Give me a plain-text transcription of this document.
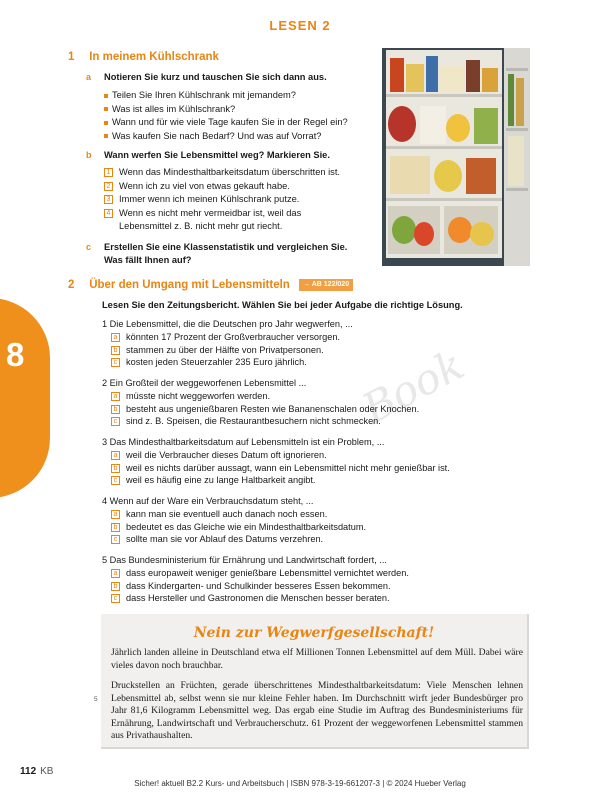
LESEN 2
8
1 In meinem Kühlschrank
a Notieren Sie kurz und tauschen Sie sich dann aus.
Teilen Sie Ihren Kühlschrank mit jemandem?
Was ist alles im Kühlschrank?
Wann und für wie viele Tage kaufen Sie in der Regel ein?
Was kaufen Sie nach Bedarf? Und was auf Vorrat?
b Wann werfen Sie Lebensmittel weg? Markieren Sie.
1 Wenn das Mindesthaltbarkeitsdatum überschritten ist.
2 Wenn ich zu viel von etwas gekauft habe.
3 Immer wenn ich meinen Kühlschrank putze.
4 Wenn es nicht mehr vermeidbar ist, weil das
Lebensmittel z. B. nicht mehr gut riecht.
c Erstellen Sie eine Klassenstatistik und vergleichen Sie.
Was fällt Ihnen auf?
2 Über den Umgang mit Lebensmitteln → AB 122/020
Lesen Sie den Zeitungsbericht. Wählen Sie bei jeder Aufgabe die richtige Lösung.
Book
1 Die Lebensmittel, die die Deutschen pro Jahr wegwerfen, ...
a könnten 17 Prozent der Großverbraucher versorgen.
b stammen zu über der Hälfte von Privatpersonen.
c kosten jeden Steuerzahler 235 Euro jährlich.
2 Ein Großteil der weggeworfenen Lebensmittel ...
a müsste nicht weggeworfen werden.
b besteht aus ungenießbaren Resten wie Bananenschalen oder Knochen.
c sind z. B. Speisen, die Restaurantbesuchern nicht schmecken.
3 Das Mindesthaltbarkeitsdatum auf Lebensmitteln ist ein Problem, ...
a weil die Verbraucher dieses Datum oft ignorieren.
b weil es nichts darüber aussagt, wann ein Lebensmittel nicht mehr genießbar ist.
c weil es häufig eine zu lange Haltbarkeit angibt.
4 Wenn auf der Ware ein Verbrauchsdatum steht, ...
a kann man sie eventuell auch danach noch essen.
b bedeutet es das Gleiche wie ein Mindesthaltbarkeitsdatum.
c sollte man sie vor Ablauf des Datums verzehren.
5 Das Bundesministerium für Ernährung und Landwirtschaft fordert, ...
a dass europaweit weniger genießbare Lebensmittel vernichtet werden.
b dass Kindergarten- und Schulkinder besseres Essen bekommen.
c dass Hersteller und Gastronomen die Menschen besser beraten.
Nein zur Wegwerfgesellschaft!
Jährlich landen alleine in Deutschland etwa elf Millionen Tonnen Lebensmittel auf dem Müll. Dabei wäre vieles davon noch brauchbar.
Druckstellen an Früchten, gerade überschrittenes Mindesthaltbarkeitsdatum: Viele Menschen lehnen Lebensmittel ab, selbst wenn sie nur kleine Fehler haben. Im Durchschnitt wirft jeder Bundesbürger pro Jahr 81,6 Kilogramm Lebensmittel weg. Das ergab eine Studie im Auftrag des Bundesministeriums für Ernährung, Landwirtschaft und Verbraucherschutz. 61 Prozent der weggeworfenen Lebensmittel stammen aus Privathaushalten.
5
112 KB
Sicher! aktuell B2.2 Kurs- und Arbeitsbuch | ISBN 978-3-19-661207-3 | © 2024 Hueber Verlag
